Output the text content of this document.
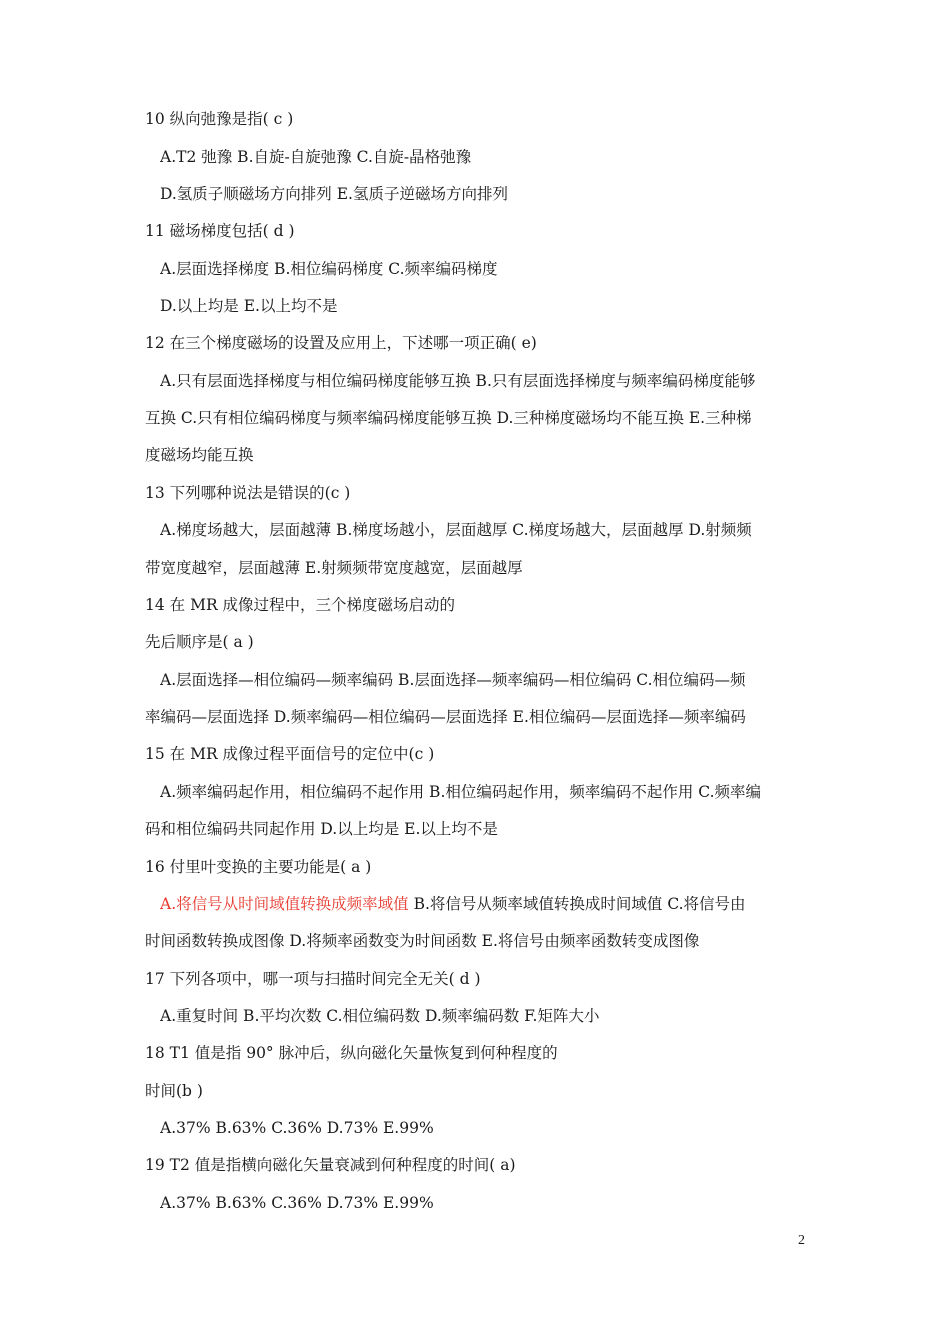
10 纵向弛豫是指( c )
A.T2 弛豫 B.自旋-自旋弛豫 C.自旋-晶格弛豫
D.氢质子顺磁场方向排列 E.氢质子逆磁场方向排列
11 磁场梯度包括( d )
A.层面选择梯度 B.相位编码梯度 C.频率编码梯度
D.以上均是 E.以上均不是
12 在三个梯度磁场的设置及应用上，下述哪一项正确( e)
A.只有层面选择梯度与相位编码梯度能够互换 B.只有层面选择梯度与频率编码梯度能够
互换 C.只有相位编码梯度与频率编码梯度能够互换 D.三种梯度磁场均不能互换 E.三种梯
度磁场均能互换
13 下列哪种说法是错误的(c )
A.梯度场越大，层面越薄 B.梯度场越小，层面越厚 C.梯度场越大，层面越厚 D.射频频
带宽度越窄，层面越薄 E.射频频带宽度越宽，层面越厚
14 在 MR 成像过程中，三个梯度磁场启动的
先后顺序是( a )
A.层面选择—相位编码—频率编码 B.层面选择—频率编码—相位编码 C.相位编码—频
率编码—层面选择 D.频率编码—相位编码—层面选择 E.相位编码—层面选择—频率编码
15 在 MR 成像过程平面信号的定位中(c )
A.频率编码起作用，相位编码不起作用 B.相位编码起作用，频率编码不起作用 C.频率编
码和相位编码共同起作用 D.以上均是 E.以上均不是
16 付里叶变换的主要功能是( a )
A.将信号从时间域值转换成频率域值 B.将信号从频率域值转换成时间域值 C.将信号由
时间函数转换成图像 D.将频率函数变为时间函数 E.将信号由频率函数转变成图像
17 下列各项中，哪一项与扫描时间完全无关( d )
A.重复时间 B.平均次数 C.相位编码数 D.频率编码数 F.矩阵大小
18 T1 值是指 90° 脉冲后，纵向磁化矢量恢复到何种程度的
时间(b )
A.37% B.63% C.36% D.73% E.99%
19 T2 值是指横向磁化矢量衰减到何种程度的时间( a)
A.37% B.63% C.36% D.73% E.99%
2
